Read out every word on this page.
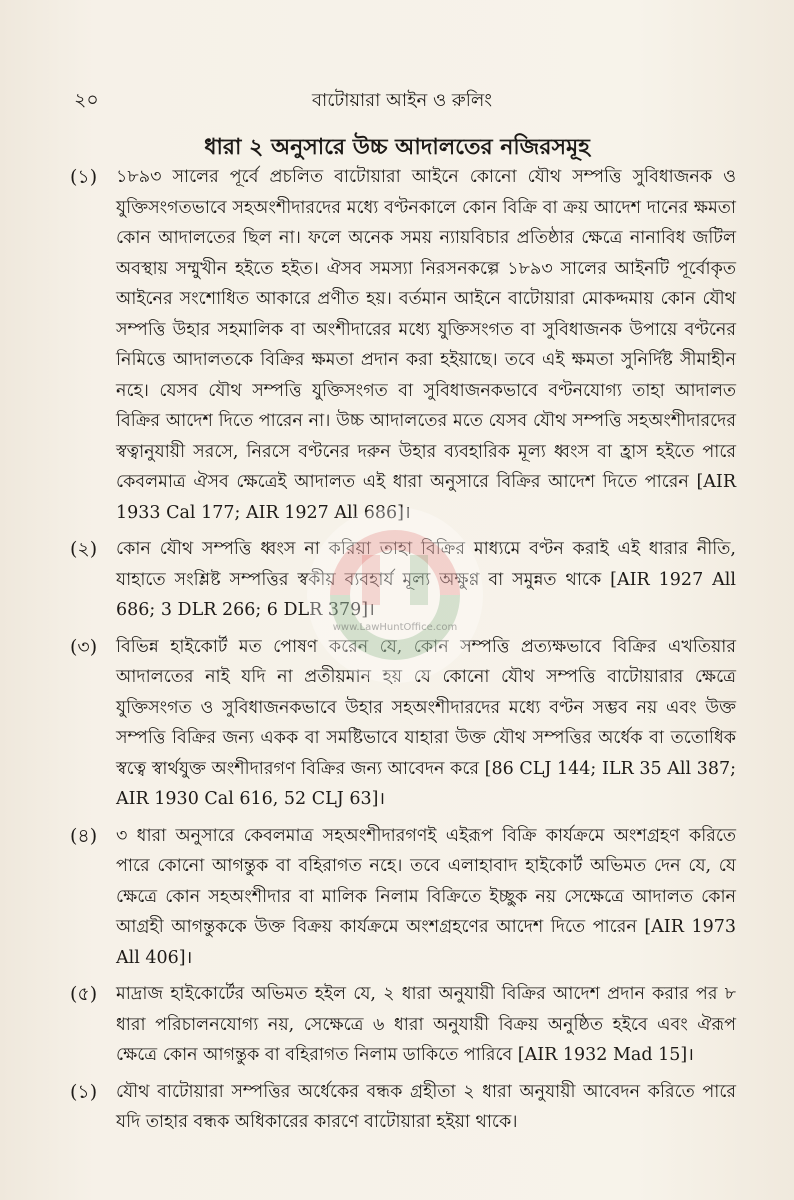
২০	বাটোয়ারা আইন ও রুলিং
ধারা ২ অনুসারে উচ্চ আদালতের নজিরসমূহ
(১)	১৮৯৩ সালের পূর্বে প্রচলিত বাটোয়ারা আইনে কোনো যৌথ সম্পত্তি সুবিধাজনক ও যুক্তিসংগতভাবে সহঅংশীদারদের মধ্যে বণ্টনকালে কোন বিক্রি বা ক্রয় আদেশ দানের ক্ষমতা কোন আদালতের ছিল না। ফলে অনেক সময় ন্যায়বিচার প্রতিষ্ঠার ক্ষেত্রে নানাবিধ জটিল অবস্থায় সম্মুখীন হইতে হইত। ঐসব সমস্যা নিরসনকল্পে ১৮৯৩ সালের আইনটি পূর্বোকৃত আইনের সংশোধিত আকারে প্রণীত হয়। বর্তমান আইনে বাটোয়ারা মোকদ্দমায় কোন যৌথ সম্পত্তি উহার সহমালিক বা অংশীদারের মধ্যে যুক্তিসংগত বা সুবিধাজনক উপায়ে বণ্টনের নিমিত্তে আদালতকে বিক্রির ক্ষমতা প্রদান করা হইয়াছে। তবে এই ক্ষমতা সুনির্দিষ্ট সীমাহীন নহে। যেসব যৌথ সম্পত্তি যুক্তিসংগত বা সুবিধাজনকভাবে বণ্টনযোগ্য তাহা আদালত বিক্রির আদেশ দিতে পারেন না। উচ্চ আদালতের মতে যেসব যৌথ সম্পত্তি সহঅংশীদারদের স্বত্বানুযায়ী সরসে, নিরসে বণ্টনের দরুন উহার ব্যবহারিক মূল্য ধ্বংস বা হ্রাস হইতে পারে কেবলমাত্র ঐসব ক্ষেত্রেই আদালত এই ধারা অনুসারে বিক্রির আদেশ দিতে পারেন [AIR 1933 Cal 177; AIR 1927 All 686]।
(২)	কোন যৌথ সম্পত্তি ধ্বংস না করিয়া তাহা বিক্রির মাধ্যমে বণ্টন করাই এই ধারার নীতি, যাহাতে সংশ্লিষ্ট সম্পত্তির স্বকীয় ব্যবহার্য মূল্য অক্ষুণ্ণ বা সমুন্নত থাকে [AIR 1927 All 686; 3 DLR 266; 6 DLR 379]।
(৩)	বিভিন্ন হাইকোর্ট মত পোষণ করেন যে, কোন সম্পত্তি প্রত্যক্ষভাবে বিক্রির এখতিয়ার আদালতের নাই যদি না প্রতীয়মান হয় যে কোনো যৌথ সম্পত্তি বাটোয়ারার ক্ষেত্রে যুক্তিসংগত ও সুবিধাজনকভাবে উহার সহঅংশীদারদের মধ্যে বণ্টন সম্ভব নয় এবং উক্ত সম্পত্তি বিক্রির জন্য একক বা সমষ্টিভাবে যাহারা উক্ত যৌথ সম্পত্তির অর্ধেক বা ততোধিক স্বত্বে স্বার্থযুক্ত অংশীদারগণ বিক্রির জন্য আবেদন করে [86 CLJ 144; ILR 35 All 387; AIR 1930 Cal 616, 52 CLJ 63]।
(৪)	৩ ধারা অনুসারে কেবলমাত্র সহঅংশীদারগণই এইরূপ বিক্রি কার্যক্রমে অংশগ্রহণ করিতে পারে কোনো আগন্তুক বা বহিরাগত নহে। তবে এলাহাবাদ হাইকোর্ট অভিমত দেন যে, যে ক্ষেত্রে কোন সহঅংশীদার বা মালিক নিলাম বিক্রিতে ইচ্ছুক নয় সেক্ষেত্রে আদালত কোন আগ্রহী আগন্তুককে উক্ত বিক্রয় কার্যক্রমে অংশগ্রহণের আদেশ দিতে পারেন [AIR 1973 All 406]।
(৫)	মাদ্রাজ হাইকোর্টের অভিমত হইল যে, ২ ধারা অনুযায়ী বিক্রির আদেশ প্রদান করার পর ৮ ধারা পরিচালনযোগ্য নয়, সেক্ষেত্রে ৬ ধারা অনুযায়ী বিক্রয় অনুষ্ঠিত হইবে এবং ঐরূপ ক্ষেত্রে কোন আগন্তুক বা বহিরাগত নিলাম ডাকিতে পারিবে [AIR 1932 Mad 15]।
(১)	যৌথ বাটোয়ারা সম্পত্তির অর্ধেকের বন্ধক গ্রহীতা ২ ধারা অনুযায়ী আবেদন করিতে পারে যদি তাহার বন্ধক অধিকারের কারণে বাটোয়ারা হইয়া থাকে।
www.LawHuntOffice.com
